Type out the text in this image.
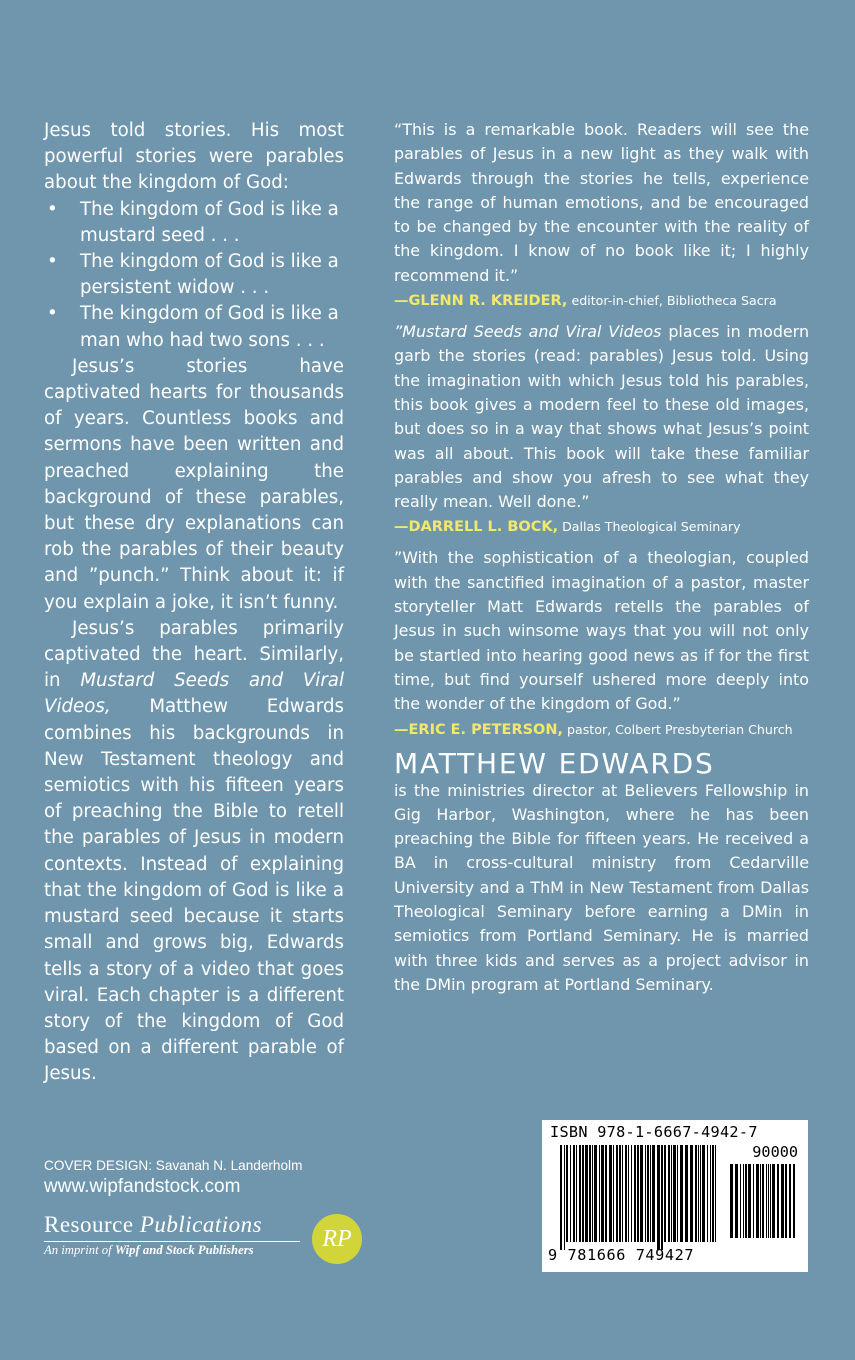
Jesus told stories. His most powerful stories were parables about the kingdom of God:

• The kingdom of God is like a mustard seed . . .
• The kingdom of God is like a persistent widow . . .
• The kingdom of God is like a man who had two sons . . .

Jesus’s stories have captivated hearts for thousands of years. Countless books and sermons have been written and preached explaining the background of these parables, but these dry explanations can rob the parables of their beauty and ”punch.” Think about it: if you explain a joke, it isn’t funny.

Jesus’s parables primarily captivated the heart. Similarly, in Mustard Seeds and Viral Videos, Matthew Edwards combines his backgrounds in New Testament theology and semiotics with his fifteen years of preaching the Bible to retell the parables of Jesus in modern contexts. Instead of explaining that the kingdom of God is like a mustard seed because it starts small and grows big, Edwards tells a story of a video that goes viral. Each chapter is a different story of the kingdom of God based on a different parable of Jesus.

“This is a remarkable book. Readers will see the parables of Jesus in a new light as they walk with Edwards through the stories he tells, experience the range of human emotions, and be encouraged to be changed by the encounter with the reality of the kingdom. I know of no book like it; I highly recommend it.”

—GLENN R. KREIDER, editor-in-chief, Bibliotheca Sacra

”Mustard Seeds and Viral Videos places in modern garb the stories (read: parables) Jesus told. Using the imagination with which Jesus told his parables, this book gives a modern feel to these old images, but does so in a way that shows what Jesus’s point was all about. This book will take these familiar parables and show you afresh to see what they really mean. Well done.”

—DARRELL L. BOCK, Dallas Theological Seminary

”With the sophistication of a theologian, coupled with the sanctified imagination of a pastor, master storyteller Matt Edwards retells the parables of Jesus in such winsome ways that you will not only be startled into hearing good news as if for the first time, but find yourself ushered more deeply into the wonder of the kingdom of God.”

—ERIC E. PETERSON, pastor, Colbert Presbyterian Church
MATTHEW EDWARDS

is the ministries director at Believers Fellowship in Gig Harbor, Washington, where he has been preaching the Bible for fifteen years. He received a BA in cross-cultural ministry from Cedarville University and a ThM in New Testament from Dallas Theological Seminary before earning a DMin in semiotics from Portland Seminary. He is married with three kids and serves as a project advisor in the DMin program at Portland Seminary.

COVER DESIGN: Savanah N. Landerholm
www.wipfandstock.com
Resource Publications
An imprint of Wipf and Stock Publishers	RP
ISBN 978-1-6667-4942-7
90000
9 781666 749427
